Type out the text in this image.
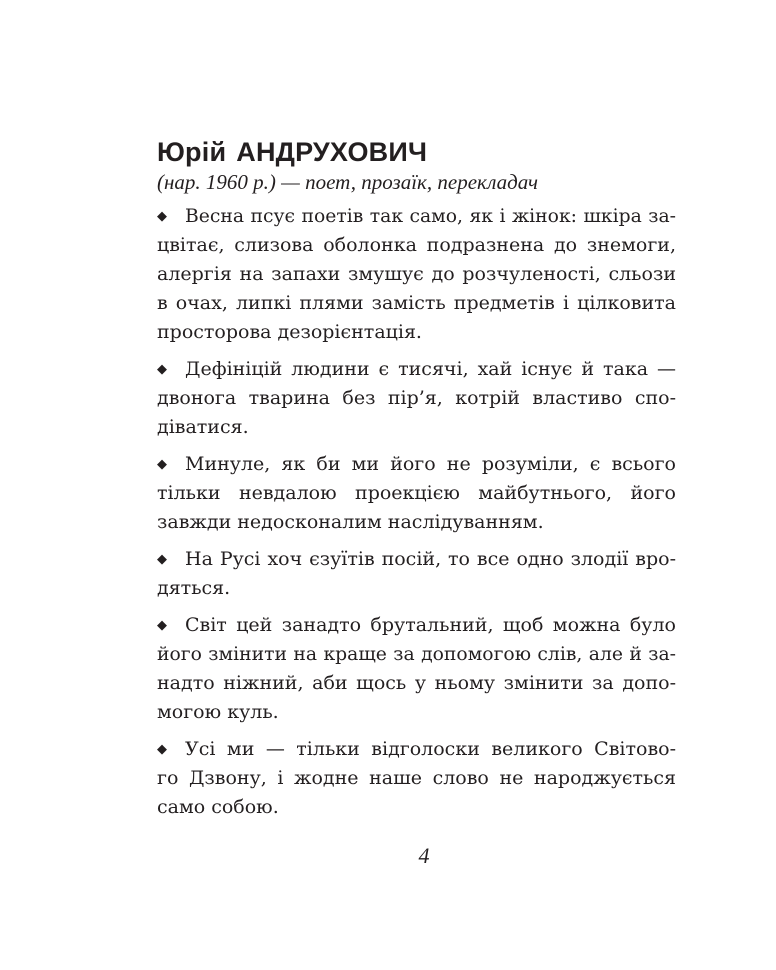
Юрій АНДРУХОВИЧ
(нар. 1960 р.) — поет, прозаїк, перекладач
◆ Весна псує поетів так само, як і жінок: шкіра за-
цвітає, слизова оболонка подразнена до знемоги,
алергія на запахи змушує до розчуленості, сльози
в очах, липкі плями замість предметів і цілковита
просторова дезорієнтація.
◆ Дефініцій людини є тисячі, хай існує й така —
двонога тварина без пір’я, котрій властиво спо-
діватися.
◆ Минуле, як би ми його не розуміли, є всього
тільки невдалою проекцією майбутнього, його
завжди недосконалим наслідуванням.
◆ На Русі хоч єзуїтів посій, то все одно злодії вро-
дяться.
◆ Світ цей занадто брутальний, щоб можна було
його змінити на краще за допомогою слів, але й за-
надто ніжний, аби щось у ньому змінити за допо-
могою куль.
◆ Усі ми — тільки відголоски великого Світово-
го Дзвону, і жодне наше слово не народжується
само собою.
4
